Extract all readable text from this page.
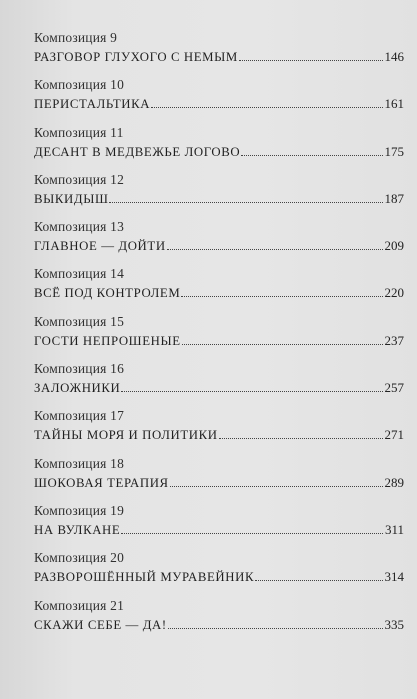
Композиция 9
РАЗГОВОР ГЛУХОГО С НЕМЫМ	146
Композиция 10
ПЕРИСТАЛЬТИКА	161
Композиция 11
ДЕСАНТ В МЕДВЕЖЬЕ ЛОГОВО	175
Композиция 12
ВЫКИДЫШ	187
Композиция 13
ГЛАВНОЕ — ДОЙТИ	209
Композиция 14
ВСЁ ПОД КОНТРОЛЕМ	220
Композиция 15
ГОСТИ НЕПРОШЕНЫЕ	237
Композиция 16
ЗАЛОЖНИКИ	257
Композиция 17
ТАЙНЫ МОРЯ И ПОЛИТИКИ	271
Композиция 18
ШОКОВАЯ ТЕРАПИЯ	289
Композиция 19
НА ВУЛКАНЕ	311
Композиция 20
РАЗВОРОШЁННЫЙ МУРАВЕЙНИК	314
Композиция 21
СКАЖИ СЕБЕ — ДА!	335
